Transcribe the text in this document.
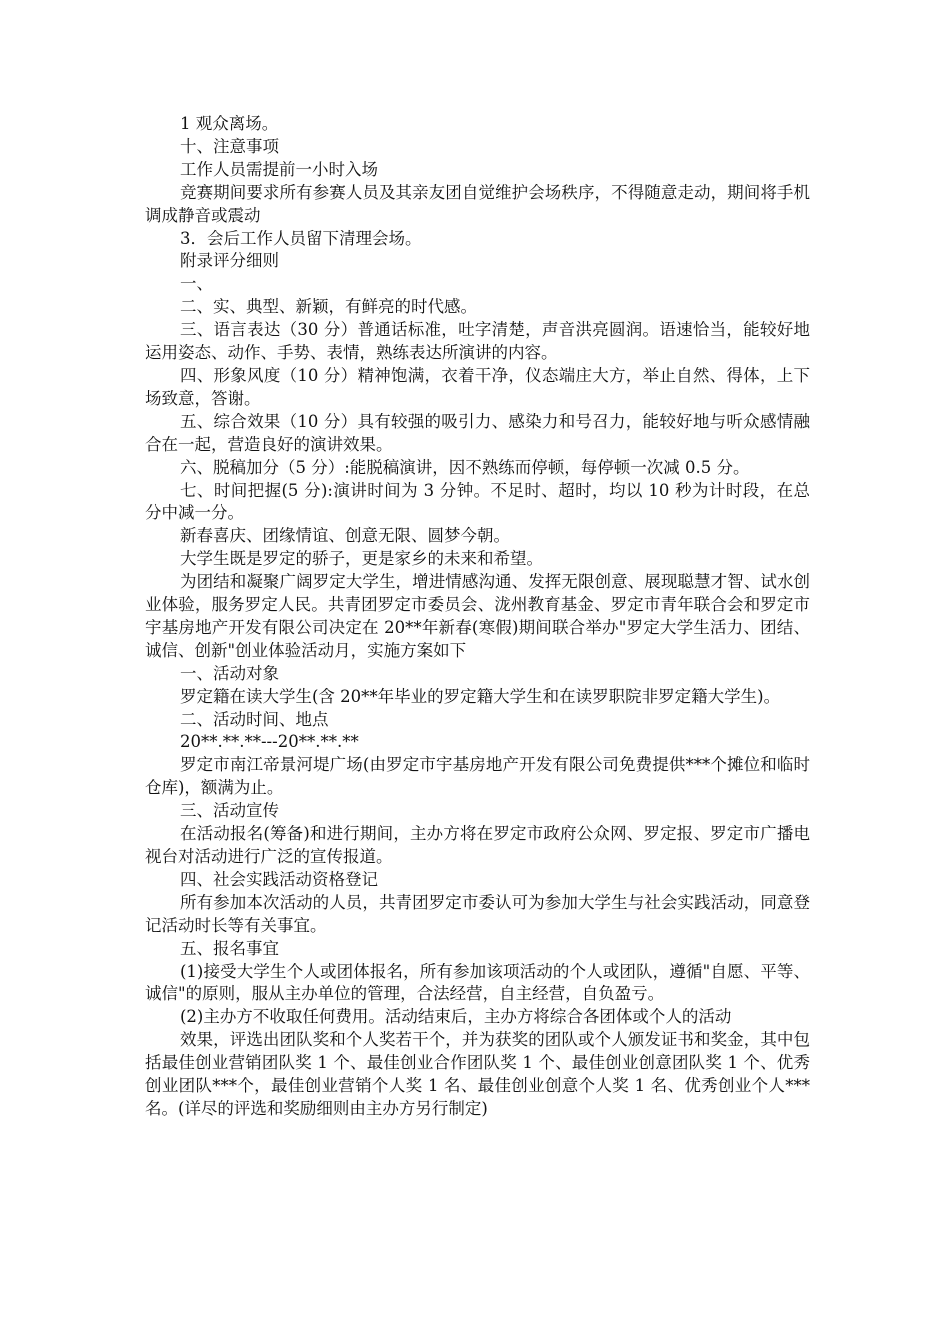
1 观众离场。

十、注意事项

工作人员需提前一小时入场

竞赛期间要求所有参赛人员及其亲友团自觉维护会场秩序，不得随意走动，期间将手机调成静音或震动

3．会后工作人员留下清理会场。

附录评分细则

一、

二、实、典型、新颖，有鲜亮的时代感。

三、语言表达（30 分）普通话标准，吐字清楚，声音洪亮圆润。语速恰当，能较好地运用姿态、动作、手势、表情，熟练表达所演讲的内容。

四、形象风度（10 分）精神饱满，衣着干净，仪态端庄大方，举止自然、得体，上下场致意，答谢。

五、综合效果（10 分）具有较强的吸引力、感染力和号召力，能较好地与听众感情融合在一起，营造良好的演讲效果。

六、脱稿加分（5 分）:能脱稿演讲，因不熟练而停顿，每停顿一次减 0.5 分。

七、时间把握(5 分):演讲时间为 3 分钟。不足时、超时，均以 10 秒为计时段，在总分中减一分。

新春喜庆、团缘情谊、创意无限、圆梦今朝。

大学生既是罗定的骄子，更是家乡的未来和希望。

为团结和凝聚广阔罗定大学生，增进情感沟通、发挥无限创意、展现聪慧才智、试水创业体验，服务罗定人民。共青团罗定市委员会、泷州教育基金、罗定市青年联合会和罗定市宇基房地产开发有限公司决定在 20**年新春(寒假)期间联合举办"罗定大学生活力、团结、诚信、创新"创业体验活动月，实施方案如下

一、活动对象

罗定籍在读大学生(含 20**年毕业的罗定籍大学生和在读罗职院非罗定籍大学生)。

二、活动时间、地点

20**.**.**---20**.**.**

罗定市南江帝景河堤广场(由罗定市宇基房地产开发有限公司免费提供***个摊位和临时仓库)，额满为止。

三、活动宣传

在活动报名(筹备)和进行期间，主办方将在罗定市政府公众网、罗定报、罗定市广播电视台对活动进行广泛的宣传报道。

四、社会实践活动资格登记

所有参加本次活动的人员，共青团罗定市委认可为参加大学生与社会实践活动，同意登记活动时长等有关事宜。

五、报名事宜

(1)接受大学生个人或团体报名，所有参加该项活动的个人或团队，遵循"自愿、平等、诚信"的原则，服从主办单位的管理，合法经营，自主经营，自负盈亏。

(2)主办方不收取任何费用。活动结束后，主办方将综合各团体或个人的活动

效果，评选出团队奖和个人奖若干个，并为获奖的团队或个人颁发证书和奖金，其中包括最佳创业营销团队奖 1 个、最佳创业合作团队奖 1 个、最佳创业创意团队奖 1 个、优秀创业团队***个，最佳创业营销个人奖 1 名、最佳创业创意个人奖 1 名、优秀创业个人***名。(详尽的评选和奖励细则由主办方另行制定)
